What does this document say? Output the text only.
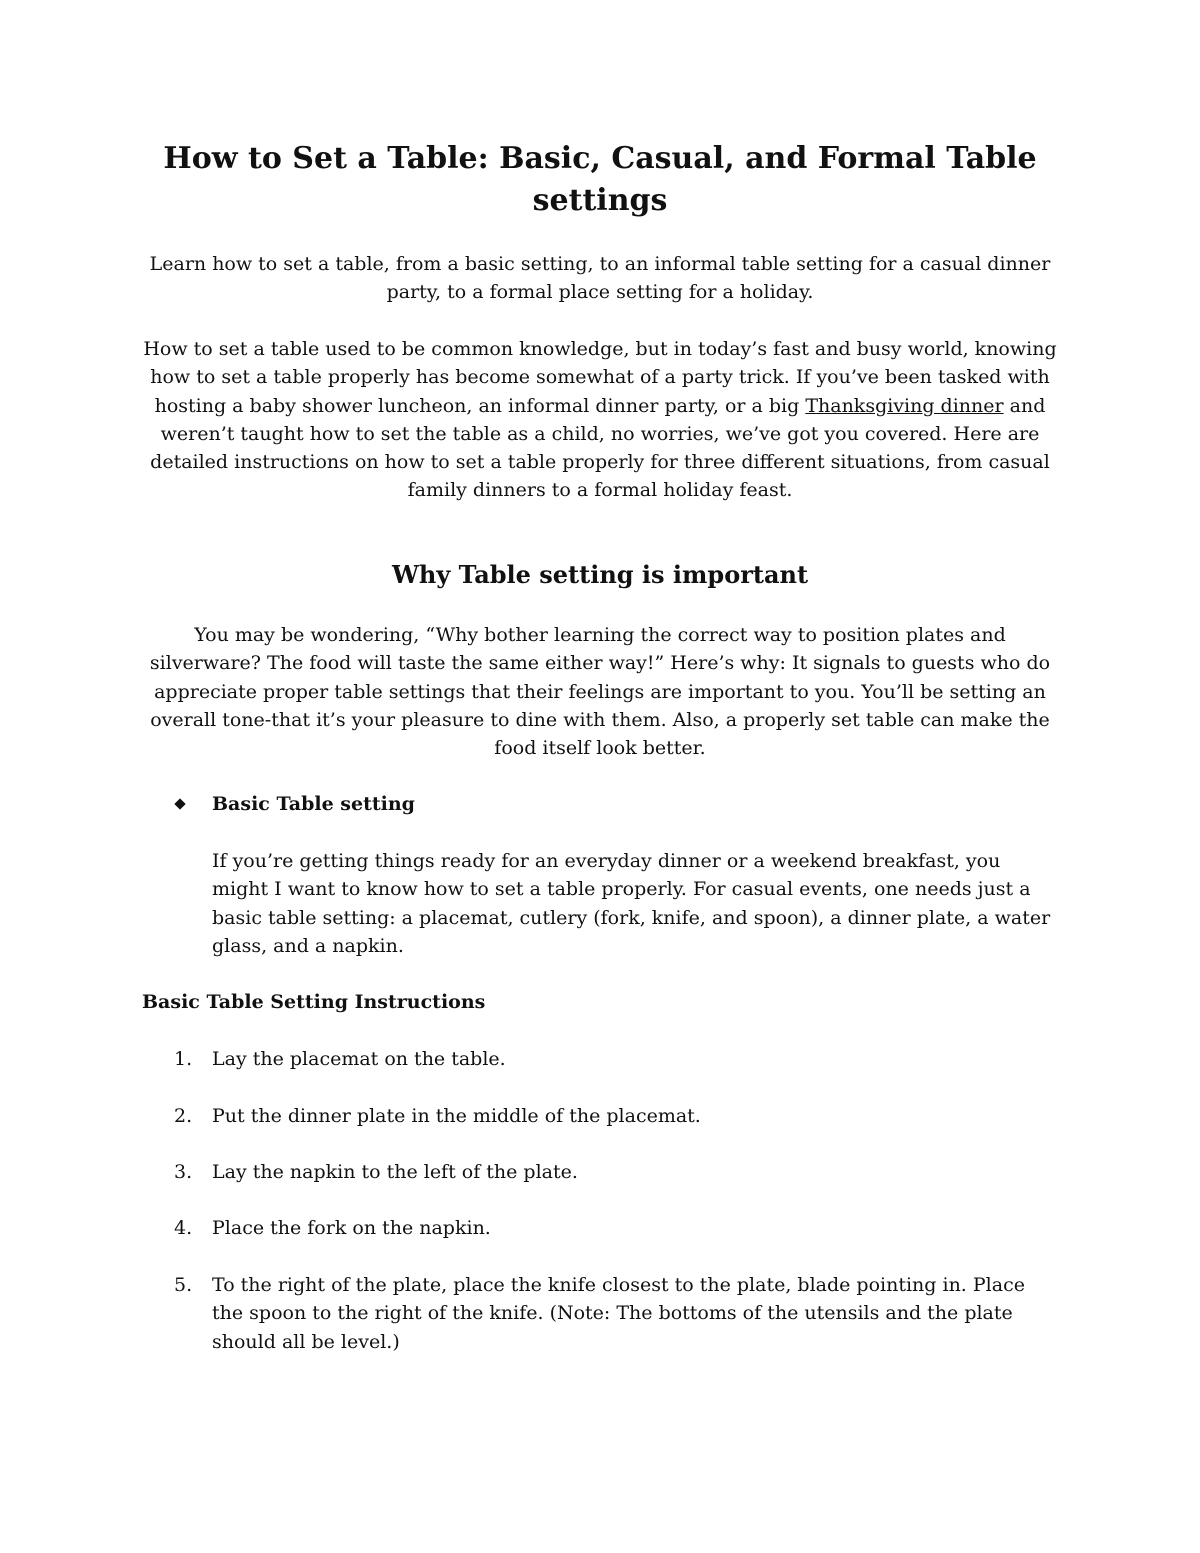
How to Set a Table: Basic, Casual, and Formal Table settings

Learn how to set a table, from a basic setting, to an informal table setting for a casual dinner party, to a formal place setting for a holiday.

How to set a table used to be common knowledge, but in today’s fast and busy world, knowing how to set a table properly has become somewhat of a party trick. If you’ve been tasked with hosting a baby shower luncheon, an informal dinner party, or a big Thanksgiving dinner and weren’t taught how to set the table as a child, no worries, we’ve got you covered. Here are detailed instructions on how to set a table properly for three different situations, from casual family dinners to a formal holiday feast.

Why Table setting is important

You may be wondering, “Why bother learning the correct way to position plates and silverware? The food will taste the same either way!” Here’s why: It signals to guests who do appreciate proper table settings that their feelings are important to you. You’ll be setting an overall tone-that it’s your pleasure to dine with them. Also, a properly set table can make the food itself look better.

Basic Table setting

If you’re getting things ready for an everyday dinner or a weekend breakfast, you might I want to know how to set a table properly. For casual events, one needs just a basic table setting: a placemat, cutlery (fork, knife, and spoon), a dinner plate, a water glass, and a napkin.

Basic Table Setting Instructions
1.	Lay the placemat on the table.
2.	Put the dinner plate in the middle of the placemat.
3.	Lay the napkin to the left of the plate.
4.	Place the fork on the napkin.
5.	To the right of the plate, place the knife closest to the plate, blade pointing in. Place the spoon to the right of the knife. (Note: The bottoms of the utensils and the plate should all be level.)
